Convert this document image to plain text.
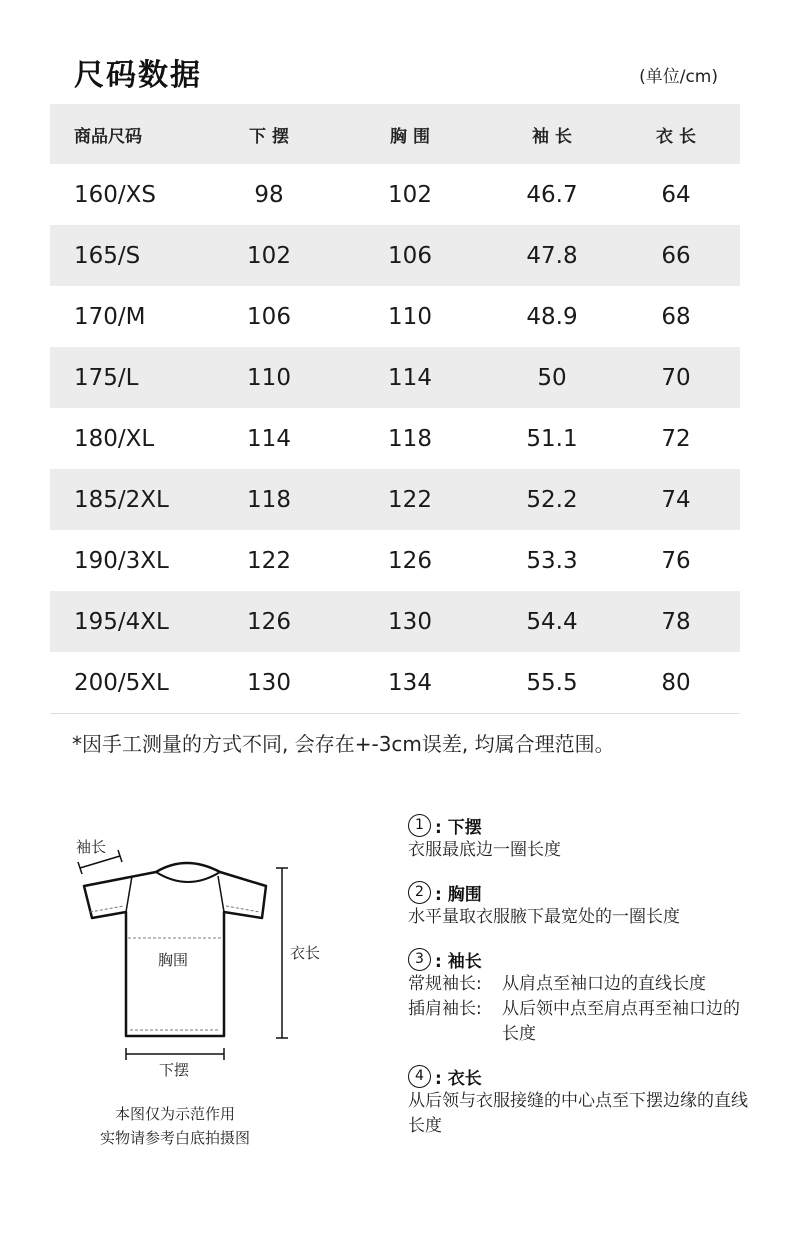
尺码数据	(单位/cm)
商品尺码	下 摆	胸 围	袖 长	衣 长
160/XS	98	102	46.7	64
165/S	102	106	47.8	66
170/M	106	110	48.9	68
175/L	110	114	50	70
180/XL	114	118	51.1	72
185/2XL	118	122	52.2	74
190/3XL	122	126	53.3	76
195/4XL	126	130	54.4	78
200/5XL	130	134	55.5	80
*因手工测量的方式不同, 会存在+-3cm误差, 均属合理范围。
袖长
胸围	衣长
下摆
本图仅为示范作用
实物请参考白底拍摄图
1 : 下摆
衣服最底边一圈长度
2 : 胸围
水平量取衣服腋下最宽处的一圈长度
3 : 袖长
常规袖长:	从肩点至袖口边的直线长度
插肩袖长:	从后领中点至肩点再至袖口边的长度
4 : 衣长
从后领与衣服接缝的中心点至下摆边缘的直线长度
